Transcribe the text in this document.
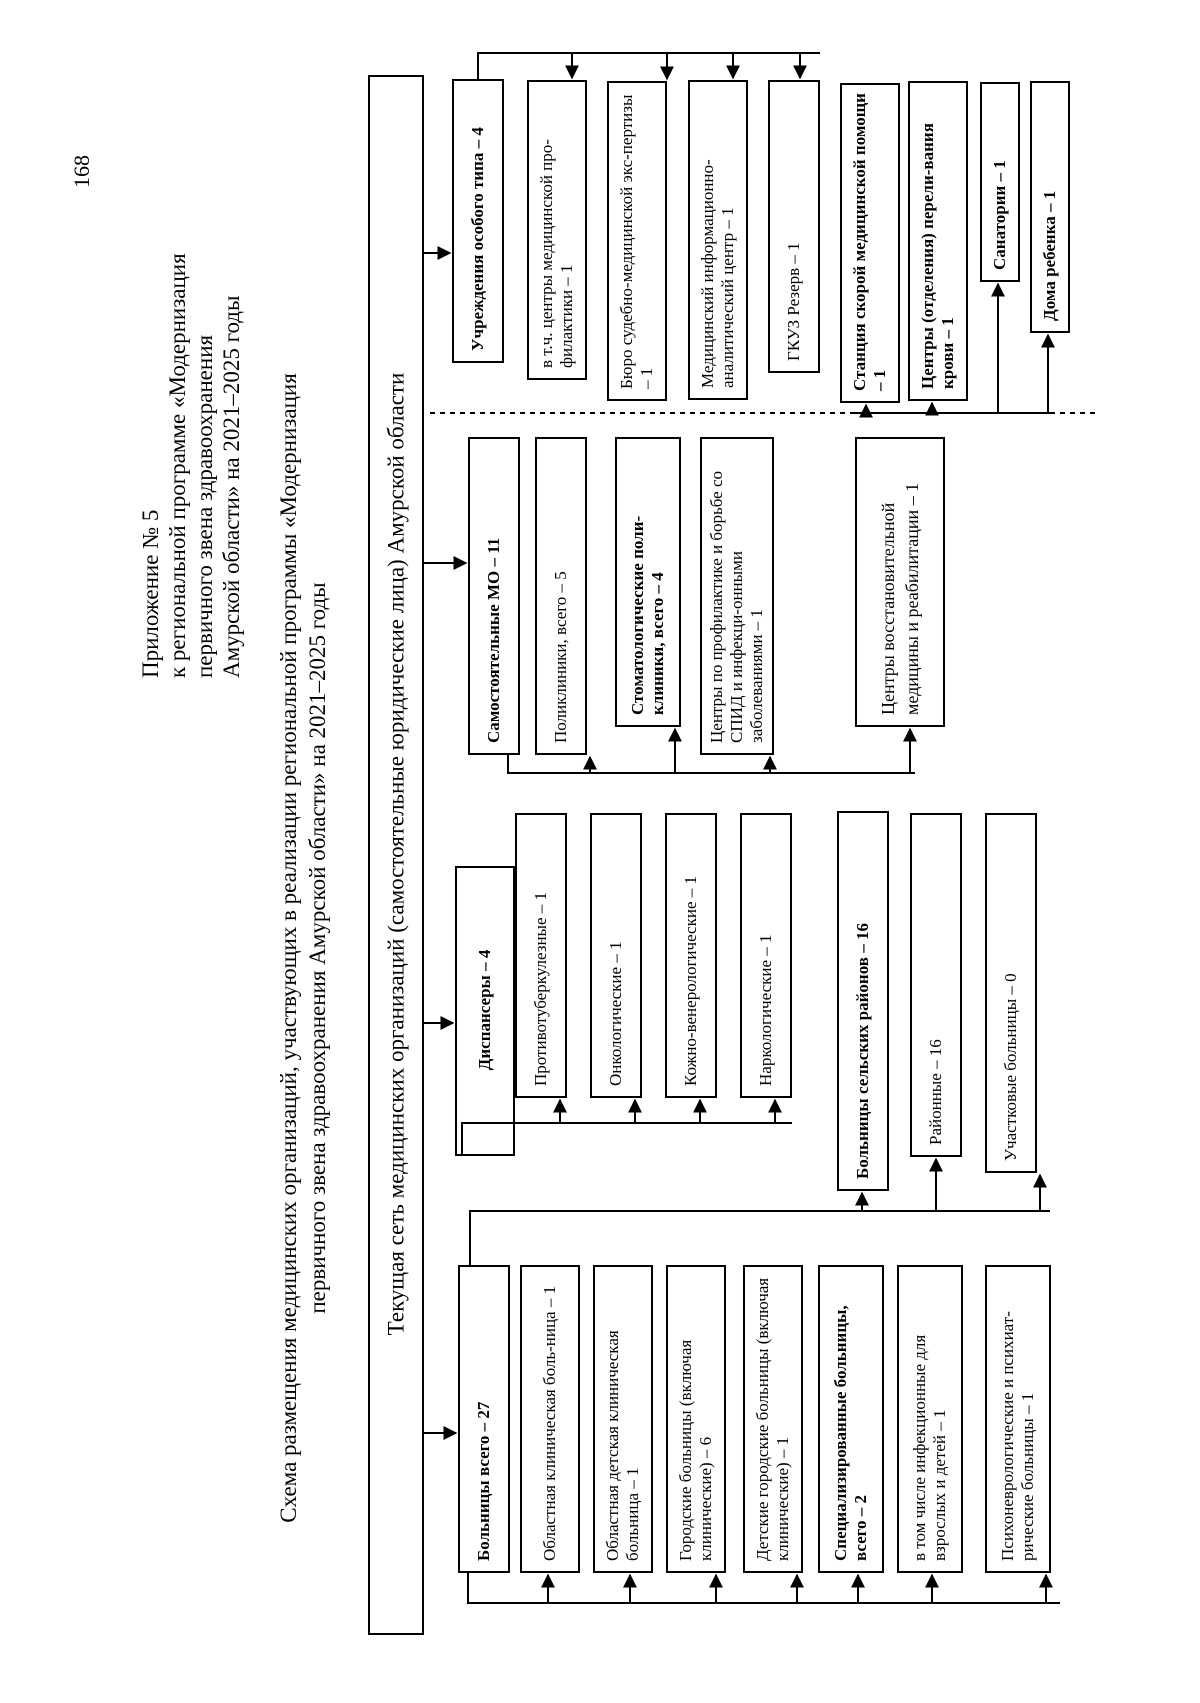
168
Приложение № 5 к региональной программе «Модернизация первичного звена здравоохранения Амурской области» на 2021–2025 годы Схема размещения медицинских организаций, участвующих в реализации региональной программы «Модернизация первичного звена здравоохранения Амурской области» на 2021–2025 годы Текущая сеть медицинских организаций (самостоятельные юридические лица) Амурской области
Больницы всего – 27	Областная клиническая боль-ница – 1	Областная детская клиническая больница – 1 Городские больницы (включая клинические) – 6 Детские городские больницы (включая клинические) – 1 Специализированные больницы, всего – 2 в том числе инфекционные для взрослых и детей – 1	Психоневрологические и психиат-рические больницы – 1
Диспансеры – 4 Противотуберкулезные – 1	Онкологические – 1	Кожно-венерологические – 1	Наркологические – 1	Больницы сельских районов – 16	Районные – 16	Участковые больницы – 0
Самостоятельные МО – 11	Поликлиники, всего – 5	Стоматологические поли-клиники, всего – 4 Центры по профилактике и борьбе со СПИД и инфекци-онными заболеваниями – 1	Центры восстановительной медицины и реабилитации – 1
Учреждения особого типа – 4	в т.ч. центры медицинской про-филактики – 1 Бюро судебно-медицинской экс-пертизы – 1 Медицинский информационно-аналитический центр – 1	ГКУЗ Резерв – 1	Станция скорой медицинской помощи – 1 Центры (отделения) перели-вания крови – 1
Санатории – 1 Дома ребенка – 1
